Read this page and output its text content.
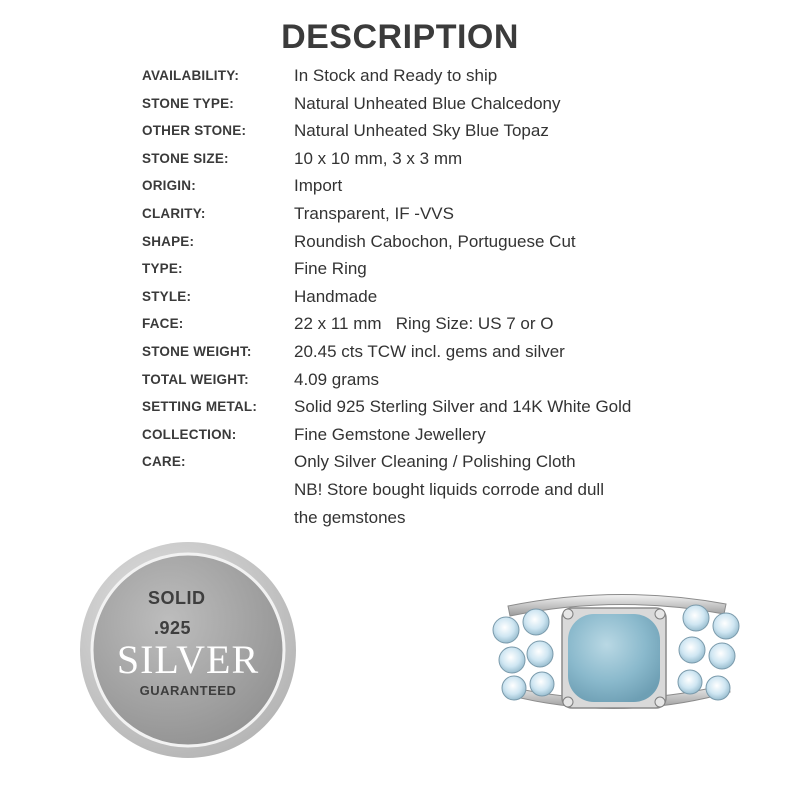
DESCRIPTION
AVAILABILITY:	In Stock and Ready to ship
STONE TYPE:	Natural Unheated Blue Chalcedony
OTHER STONE:	Natural Unheated Sky Blue Topaz
STONE SIZE:	10 x 10 mm, 3 x 3 mm
ORIGIN:	Import
CLARITY:	Transparent, IF -VVS
SHAPE:	Roundish Cabochon, Portuguese Cut
TYPE:	Fine Ring
STYLE:	Handmade
FACE:	22 x 11 mm   Ring Size: US 7 or O
STONE WEIGHT:	20.45 cts TCW incl. gems and silver
TOTAL WEIGHT:	4.09 grams
SETTING METAL:	Solid 925 Sterling Silver and 14K White Gold
COLLECTION:	Fine Gemstone Jewellery
CARE:	Only Silver Cleaning / Polishing Cloth
NB! Store bought liquids corrode and dull
the gemstones
SOLID
.925
SILVER
GUARANTEED
